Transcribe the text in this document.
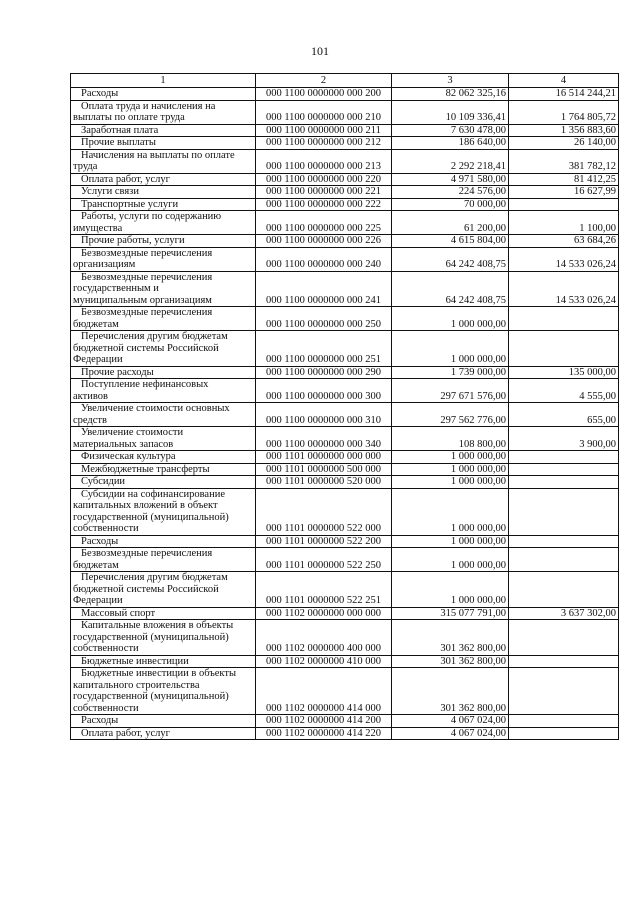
101
1	2	3	4
Расходы	000 1100 0000000 000 200	82 062 325,16	16 514 244,21
Оплата труда и начисления на
выплаты по оплате труда	000 1100 0000000 000 210	10 109 336,41	1 764 805,72
Заработная плата	000 1100 0000000 000 211	7 630 478,00	1 356 883,60
Прочие выплаты	000 1100 0000000 000 212	186 640,00	26 140,00
Начисления на выплаты по оплате
труда	000 1100 0000000 000 213	2 292 218,41	381 782,12
Оплата работ, услуг	000 1100 0000000 000 220	4 971 580,00	81 412,25
Услуги связи	000 1100 0000000 000 221	224 576,00	16 627,99
Транспортные услуги	000 1100 0000000 000 222	70 000,00	
Работы, услуги по содержанию
имущества	000 1100 0000000 000 225	61 200,00	1 100,00
Прочие работы, услуги	000 1100 0000000 000 226	4 615 804,00	63 684,26
Безвозмездные перечисления
организациям	000 1100 0000000 000 240	64 242 408,75	14 533 026,24
Безвозмездные перечисления
государственным и
муниципальным организациям	000 1100 0000000 000 241	64 242 408,75	14 533 026,24
Безвозмездные перечисления
бюджетам	000 1100 0000000 000 250	1 000 000,00	
Перечисления другим бюджетам
бюджетной системы Российской
Федерации	000 1100 0000000 000 251	1 000 000,00	
Прочие расходы	000 1100 0000000 000 290	1 739 000,00	135 000,00
Поступление нефинансовых
активов	000 1100 0000000 000 300	297 671 576,00	4 555,00
Увеличение стоимости основных
средств	000 1100 0000000 000 310	297 562 776,00	655,00
Увеличение стоимости
материальных запасов	000 1100 0000000 000 340	108 800,00	3 900,00
Физическая культура	000 1101 0000000 000 000	1 000 000,00	
Межбюджетные трансферты	000 1101 0000000 500 000	1 000 000,00	
Субсидии	000 1101 0000000 520 000	1 000 000,00	
Субсидии на софинансирование
капитальных вложений в объект
государственной (муниципальной)
собственности	000 1101 0000000 522 000	1 000 000,00	
Расходы	000 1101 0000000 522 200	1 000 000,00	
Безвозмездные перечисления
бюджетам	000 1101 0000000 522 250	1 000 000,00	
Перечисления другим бюджетам
бюджетной системы Российской
Федерации	000 1101 0000000 522 251	1 000 000,00	
Массовый спорт	000 1102 0000000 000 000	315 077 791,00	3 637 302,00
Капитальные вложения в объекты
государственной (муниципальной)
собственности	000 1102 0000000 400 000	301 362 800,00	
Бюджетные инвестиции	000 1102 0000000 410 000	301 362 800,00	
Бюджетные инвестиции в объекты
капитального строительства
государственной (муниципальной)
собственности	000 1102 0000000 414 000	301 362 800,00	
Расходы	000 1102 0000000 414 200	4 067 024,00	
Оплата работ, услуг	000 1102 0000000 414 220	4 067 024,00	
